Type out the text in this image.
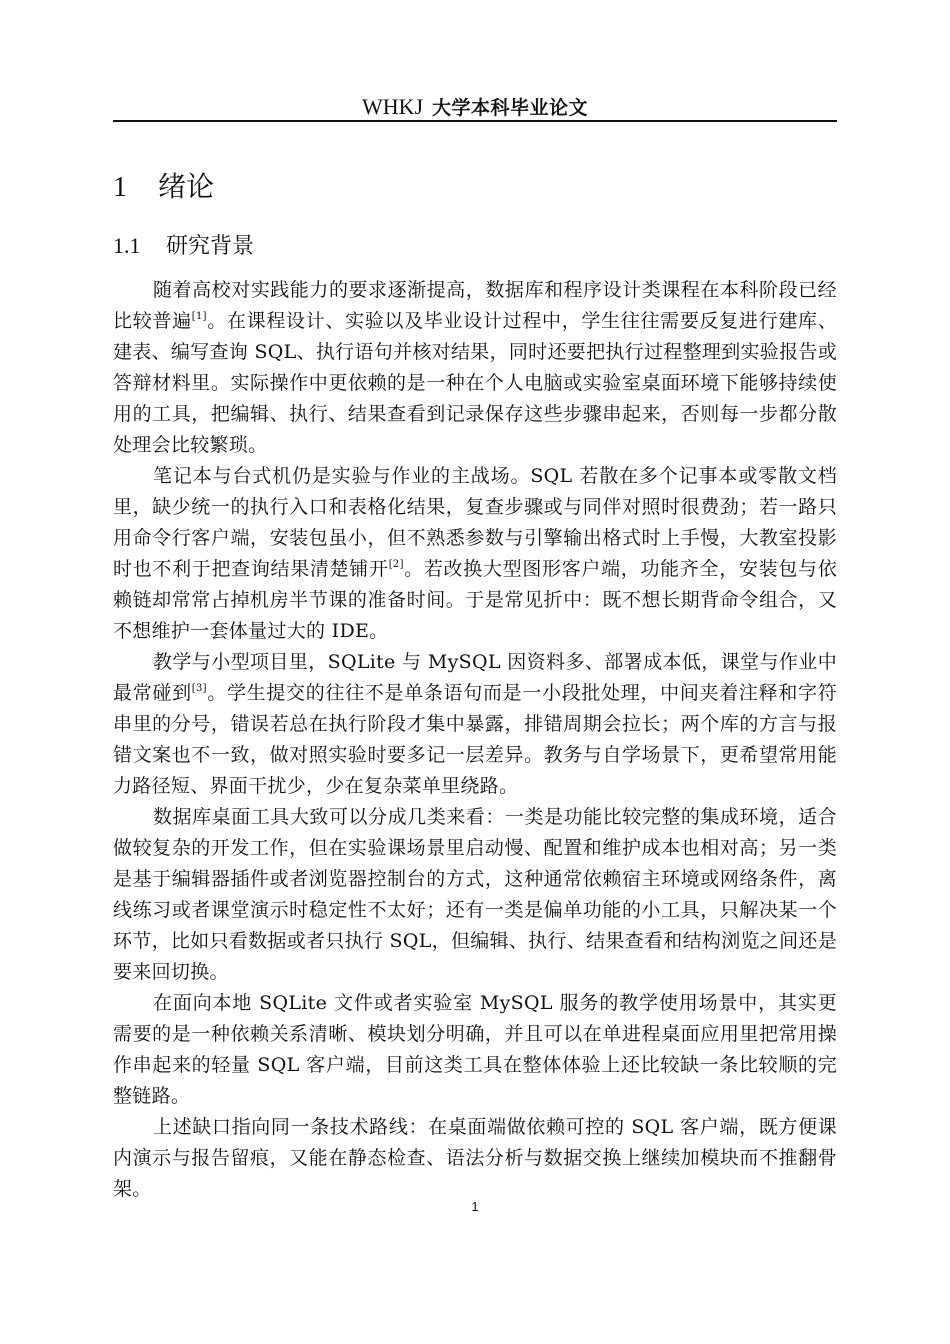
WHKJ 大学本科毕业论文
1 绪论
1.1 研究背景

随着高校对实践能力的要求逐渐提高，数据库和程序设计类课程在本科阶段已经比较普遍[1]。在课程设计、实验以及毕业设计过程中，学生往往需要反复进行建库、建表、编写查询 SQL、执行语句并核对结果，同时还要把执行过程整理到实验报告或答辩材料里。实际操作中更依赖的是一种在个人电脑或实验室桌面环境下能够持续使用的工具，把编辑、执行、结果查看到记录保存这些步骤串起来，否则每一步都分散处理会比较繁琐。

笔记本与台式机仍是实验与作业的主战场。SQL 若散在多个记事本或零散文档里，缺少统一的执行入口和表格化结果，复查步骤或与同伴对照时很费劲；若一路只用命令行客户端，安装包虽小，但不熟悉参数与引擎输出格式时上手慢，大教室投影时也不利于把查询结果清楚铺开[2]。若改换大型图形客户端，功能齐全，安装包与依赖链却常常占掉机房半节课的准备时间。于是常见折中：既不想长期背命令组合，又不想维护一套体量过大的 IDE。

教学与小型项目里，SQLite 与 MySQL 因资料多、部署成本低，课堂与作业中最常碰到[3]。学生提交的往往不是单条语句而是一小段批处理，中间夹着注释和字符串里的分号，错误若总在执行阶段才集中暴露，排错周期会拉长；两个库的方言与报错文案也不一致，做对照实验时要多记一层差异。教务与自学场景下，更希望常用能力路径短、界面干扰少，少在复杂菜单里绕路。

数据库桌面工具大致可以分成几类来看：一类是功能比较完整的集成环境，适合做较复杂的开发工作，但在实验课场景里启动慢、配置和维护成本也相对高；另一类是基于编辑器插件或者浏览器控制台的方式，这种通常依赖宿主环境或网络条件，离线练习或者课堂演示时稳定性不太好；还有一类是偏单功能的小工具，只解决某一个环节，比如只看数据或者只执行 SQL，但编辑、执行、结果查看和结构浏览之间还是要来回切换。

在面向本地 SQLite 文件或者实验室 MySQL 服务的教学使用场景中，其实更需要的是一种依赖关系清晰、模块划分明确，并且可以在单进程桌面应用里把常用操作串起来的轻量 SQL 客户端，目前这类工具在整体体验上还比较缺一条比较顺的完整链路。

上述缺口指向同一条技术路线：在桌面端做依赖可控的 SQL 客户端，既方便课内演示与报告留痕，又能在静态检查、语法分析与数据交换上继续加模块而不推翻骨架。

1
